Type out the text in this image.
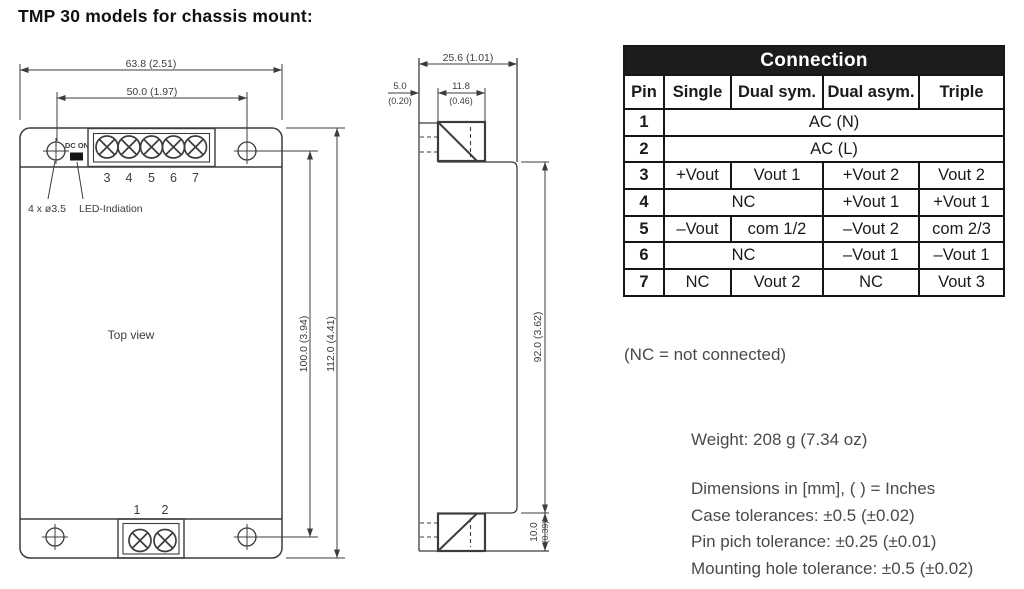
TMP 30 models for chassis mount:
3 4 5 6 7
1 2
DC ON
4 x ø3.5 LED-Indiation
Top view
63.8 (2.51)
50.0 (1.97)
100.0 (3.94) 112.0 (4.41)
25.6 (1.01)
5.0
(0.20)
11.8
(0.46)
92.0 (3.62)
10.0 (0.39)
Connection				
Pin	Single	Dual sym.	Dual asym.	Triple
1	AC (N)			
2	AC (L)			
3	+Vout	Vout 1	+Vout 2	Vout 2
4	NC		+Vout 1	+Vout 1
5	–Vout	com 1/2	–Vout 2	com 2/3
6	NC		–Vout 1	–Vout 1
7	NC	Vout 2	NC	Vout 3
(NC = not connected)
Weight: 208 g (7.34 oz)
Dimensions in [mm], ( ) = Inches
Case tolerances: ±0.5 (±0.02)
Pin pich tolerance: ±0.25 (±0.01)
Mounting hole tolerance: ±0.5 (±0.02)
